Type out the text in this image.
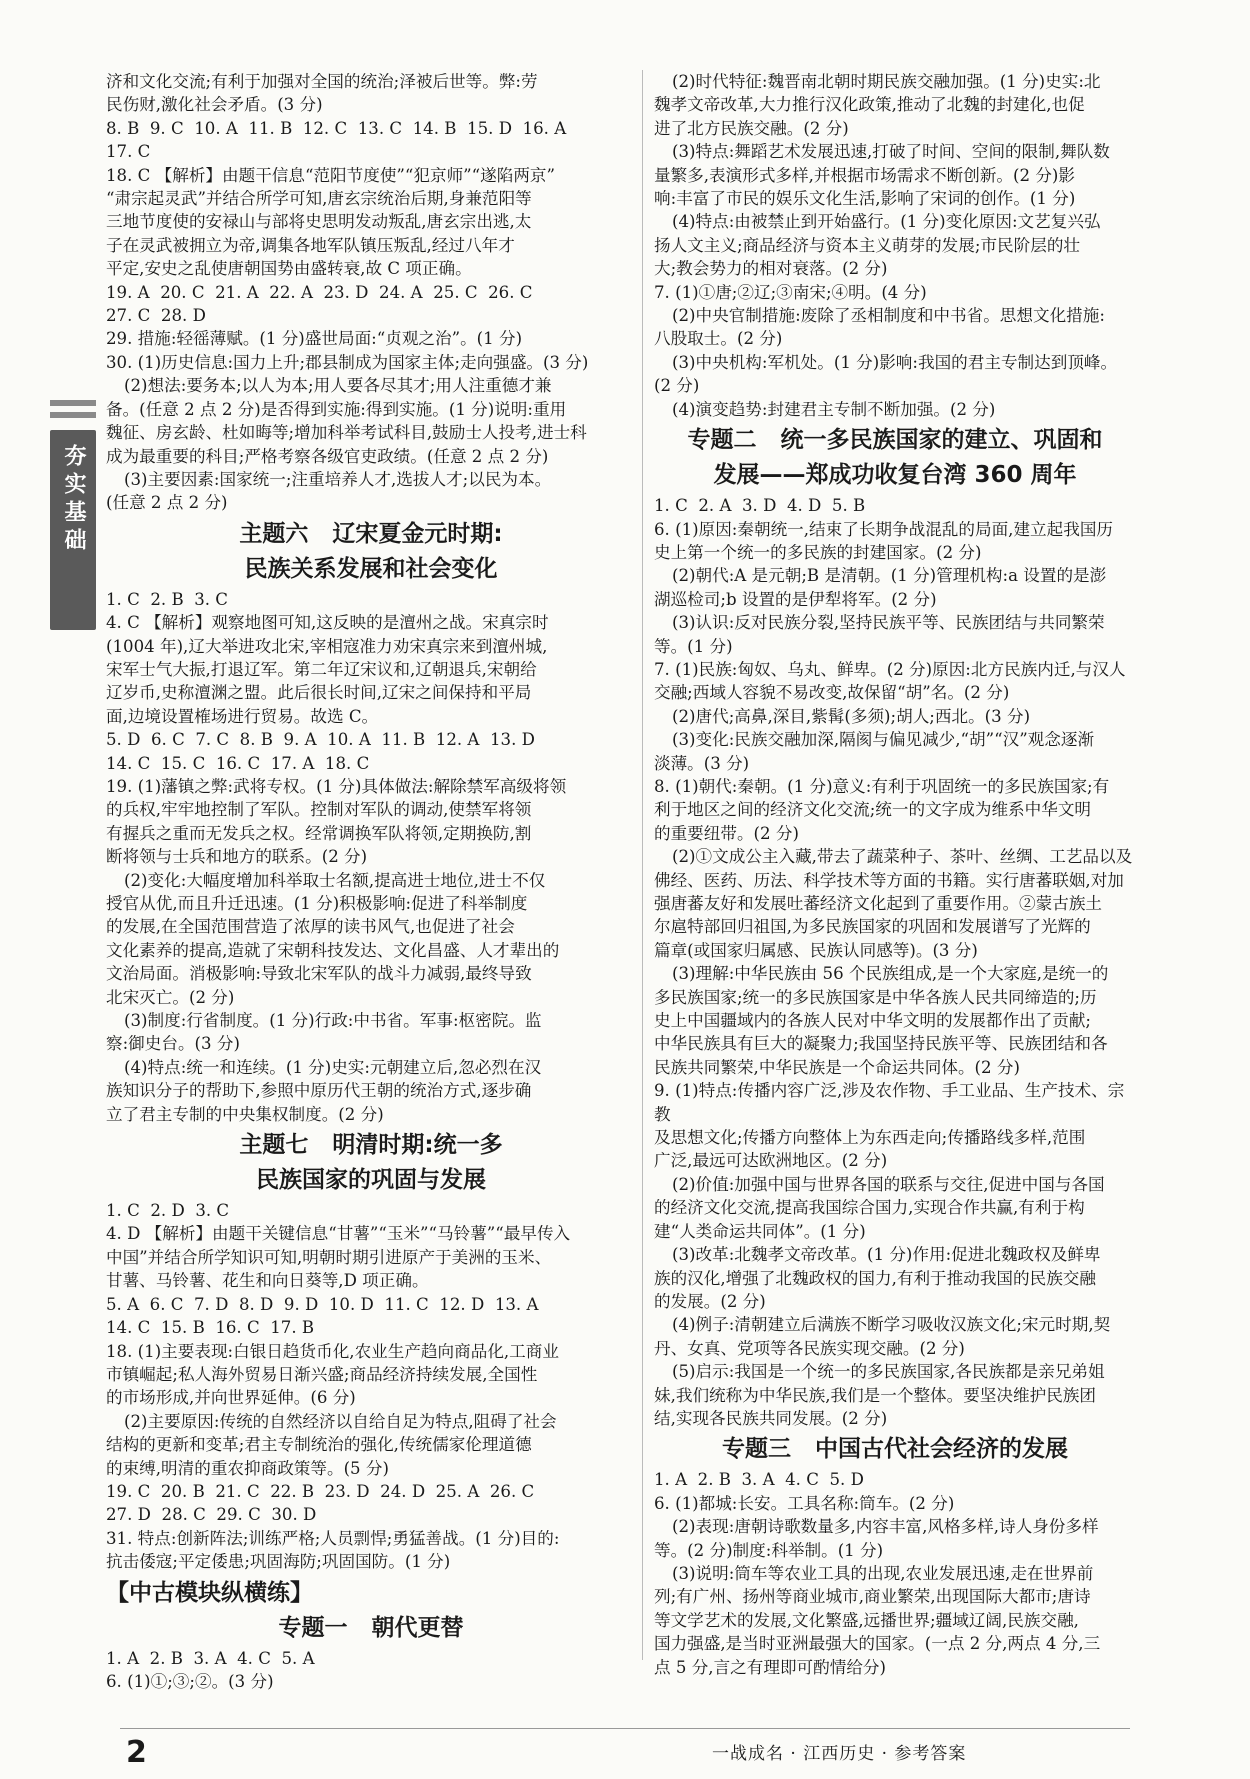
夯实基础

济和文化交流;有利于加强对全国的统治;泽被后世等。弊:劳

民伤财,激化社会矛盾。(3 分)

8. B  9. C  10. A  11. B  12. C  13. C  14. B  15. D  16. A

17. C

18. C 【解析】由题干信息“范阳节度使”“犯京师”“遂陷两京”

“肃宗起灵武”并结合所学可知,唐玄宗统治后期,身兼范阳等

三地节度使的安禄山与部将史思明发动叛乱,唐玄宗出逃,太

子在灵武被拥立为帝,调集各地军队镇压叛乱,经过八年才

平定,安史之乱使唐朝国势由盛转衰,故 C 项正确。

19. A  20. C  21. A  22. A  23. D  24. A  25. C  26. C

27. C  28. D

29. 措施:轻徭薄赋。(1 分)盛世局面:“贞观之治”。(1 分)

30. (1)历史信息:国力上升;郡县制成为国家主体;走向强盛。(3 分)

(2)想法:要务本;以人为本;用人要各尽其才;用人注重德才兼

备。(任意 2 点 2 分)是否得到实施:得到实施。(1 分)说明:重用

魏征、房玄龄、杜如晦等;增加科举考试科目,鼓励士人投考,进士科

成为最重要的科目;严格考察各级官吏政绩。(任意 2 点 2 分)

(3)主要因素:国家统一;注重培养人才,选拔人才;以民为本。

(任意 2 点 2 分)

主题六   辽宋夏金元时期:

民族关系发展和社会变化

1. C  2. B  3. C

4. C 【解析】观察地图可知,这反映的是澶州之战。宋真宗时

(1004 年),辽大举进攻北宋,宰相寇准力劝宋真宗来到澶州城,

宋军士气大振,打退辽军。第二年辽宋议和,辽朝退兵,宋朝给

辽岁币,史称澶渊之盟。此后很长时间,辽宋之间保持和平局

面,边境设置榷场进行贸易。故选 C。

5. D  6. C  7. C  8. B  9. A  10. A  11. B  12. A  13. D

14. C  15. C  16. C  17. A  18. C

19. (1)藩镇之弊:武将专权。(1 分)具体做法:解除禁军高级将领

的兵权,牢牢地控制了军队。控制对军队的调动,使禁军将领

有握兵之重而无发兵之权。经常调换军队将领,定期换防,割

断将领与士兵和地方的联系。(2 分)

(2)变化:大幅度增加科举取士名额,提高进士地位,进士不仅

授官从优,而且升迁迅速。(1 分)积极影响:促进了科举制度

的发展,在全国范围营造了浓厚的读书风气,也促进了社会

文化素养的提高,造就了宋朝科技发达、文化昌盛、人才辈出的

文治局面。消极影响:导致北宋军队的战斗力减弱,最终导致

北宋灭亡。(2 分)

(3)制度:行省制度。(1 分)行政:中书省。军事:枢密院。监

察:御史台。(3 分)

(4)特点:统一和连续。(1 分)史实:元朝建立后,忽必烈在汉

族知识分子的帮助下,参照中原历代王朝的统治方式,逐步确

立了君主专制的中央集权制度。(2 分)

主题七   明清时期:统一多

民族国家的巩固与发展

1. C  2. D  3. C

4. D 【解析】由题干关键信息“甘薯”“玉米”“马铃薯”“最早传入

中国”并结合所学知识可知,明朝时期引进原产于美洲的玉米、

甘薯、马铃薯、花生和向日葵等,D 项正确。

5. A  6. C  7. D  8. D  9. D  10. D  11. C  12. D  13. A

14. C  15. B  16. C  17. B

18. (1)主要表现:白银日趋货币化,农业生产趋向商品化,工商业

市镇崛起;私人海外贸易日渐兴盛;商品经济持续发展,全国性

的市场形成,并向世界延伸。(6 分)

(2)主要原因:传统的自然经济以自给自足为特点,阻碍了社会

结构的更新和变革;君主专制统治的强化,传统儒家伦理道德

的束缚,明清的重农抑商政策等。(5 分)

19. C  20. B  21. C  22. B  23. D  24. D  25. A  26. C

27. D  28. C  29. C  30. D

31. 特点:创新阵法;训练严格;人员剽悍;勇猛善战。(1 分)目的:

抗击倭寇;平定倭患;巩固海防;巩固国防。(1 分)

【中古模块纵横练】

专题一   朝代更替

1. A  2. B  3. A  4. C  5. A

6. (1)①;③;②。(3 分)

(2)时代特征:魏晋南北朝时期民族交融加强。(1 分)史实:北

魏孝文帝改革,大力推行汉化政策,推动了北魏的封建化,也促

进了北方民族交融。(2 分)

(3)特点:舞蹈艺术发展迅速,打破了时间、空间的限制,舞队数

量繁多,表演形式多样,并根据市场需求不断创新。(2 分)影

响:丰富了市民的娱乐文化生活,影响了宋词的创作。(1 分)

(4)特点:由被禁止到开始盛行。(1 分)变化原因:文艺复兴弘

扬人文主义;商品经济与资本主义萌芽的发展;市民阶层的壮

大;教会势力的相对衰落。(2 分)

7. (1)①唐;②辽;③南宋;④明。(4 分)

(2)中央官制措施:废除了丞相制度和中书省。思想文化措施:

八股取士。(2 分)

(3)中央机构:军机处。(1 分)影响:我国的君主专制达到顶峰。

(2 分)

(4)演变趋势:封建君主专制不断加强。(2 分)

专题二   统一多民族国家的建立、巩固和

发展——郑成功收复台湾 360 周年

1. C  2. A  3. D  4. D  5. B

6. (1)原因:秦朝统一,结束了长期争战混乱的局面,建立起我国历

史上第一个统一的多民族的封建国家。(2 分)

(2)朝代:A 是元朝;B 是清朝。(1 分)管理机构:a 设置的是澎

湖巡检司;b 设置的是伊犁将军。(2 分)

(3)认识:反对民族分裂,坚持民族平等、民族团结与共同繁荣

等。(1 分)

7. (1)民族:匈奴、乌丸、鲜卑。(2 分)原因:北方民族内迁,与汉人

交融;西域人容貌不易改变,故保留“胡”名。(2 分)

(2)唐代;高鼻,深目,紫髯(多须);胡人;西北。(3 分)

(3)变化:民族交融加深,隔阂与偏见减少,“胡”“汉”观念逐渐

淡薄。(3 分)

8. (1)朝代:秦朝。(1 分)意义:有利于巩固统一的多民族国家;有

利于地区之间的经济文化交流;统一的文字成为维系中华文明

的重要纽带。(2 分)

(2)①文成公主入藏,带去了蔬菜种子、茶叶、丝绸、工艺品以及

佛经、医药、历法、科学技术等方面的书籍。实行唐蕃联姻,对加

强唐蕃友好和发展吐蕃经济文化起到了重要作用。②蒙古族土

尔扈特部回归祖国,为多民族国家的巩固和发展谱写了光辉的

篇章(或国家归属感、民族认同感等)。(3 分)

(3)理解:中华民族由 56 个民族组成,是一个大家庭,是统一的

多民族国家;统一的多民族国家是中华各族人民共同缔造的;历

史上中国疆域内的各族人民对中华文明的发展都作出了贡献;

中华民族具有巨大的凝聚力;我国坚持民族平等、民族团结和各

民族共同繁荣,中华民族是一个命运共同体。(2 分)

9. (1)特点:传播内容广泛,涉及农作物、手工业品、生产技术、宗教

及思想文化;传播方向整体上为东西走向;传播路线多样,范围

广泛,最远可达欧洲地区。(2 分)

(2)价值:加强中国与世界各国的联系与交往,促进中国与各国

的经济文化交流,提高我国综合国力,实现合作共赢,有利于构

建“人类命运共同体”。(1 分)

(3)改革:北魏孝文帝改革。(1 分)作用:促进北魏政权及鲜卑

族的汉化,增强了北魏政权的国力,有利于推动我国的民族交融

的发展。(2 分)

(4)例子:清朝建立后满族不断学习吸收汉族文化;宋元时期,契

丹、女真、党项等各民族实现交融。(2 分)

(5)启示:我国是一个统一的多民族国家,各民族都是亲兄弟姐

妹,我们统称为中华民族,我们是一个整体。要坚决维护民族团

结,实现各民族共同发展。(2 分)

专题三   中国古代社会经济的发展

1. A  2. B  3. A  4. C  5. D

6. (1)都城:长安。工具名称:筒车。(2 分)

(2)表现:唐朝诗歌数量多,内容丰富,风格多样,诗人身份多样

等。(2 分)制度:科举制。(1 分)

(3)说明:筒车等农业工具的出现,农业发展迅速,走在世界前

列;有广州、扬州等商业城市,商业繁荣,出现国际大都市;唐诗

等文学艺术的发展,文化繁盛,远播世界;疆域辽阔,民族交融,

国力强盛,是当时亚洲最强大的国家。(一点 2 分,两点 4 分,三

点 5 分,言之有理即可酌情给分)

2	一战成名 · 江西历史 · 参考答案
